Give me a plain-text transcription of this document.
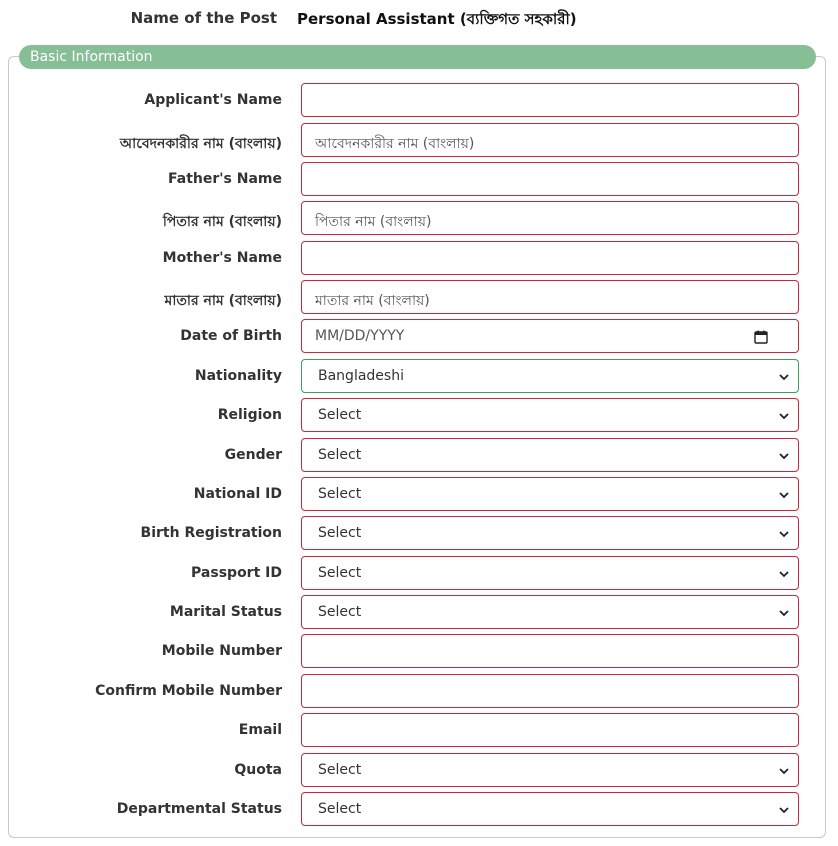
Name of the Post Personal Assistant (ব্যক্তিগত সহকারী)
Basic Information
Applicant's Name
আবেদনকারীর নাম (বাংলায়) আবেদনকারীর নাম (বাংলায়)
Father's Name
পিতার নাম (বাংলায়) পিতার নাম (বাংলায়)
Mother's Name
মাতার নাম (বাংলায়) মাতার নাম (বাংলায়)
Date of Birth MM/DD/YYYY
Nationality	Bangladeshi
Religion	Select
Gender	Select
National ID	Select
Birth Registration	Select
Passport ID	Select
Marital Status	Select
Mobile Number
Confirm Mobile Number
Email
Quota	Select
Departmental Status	Select
